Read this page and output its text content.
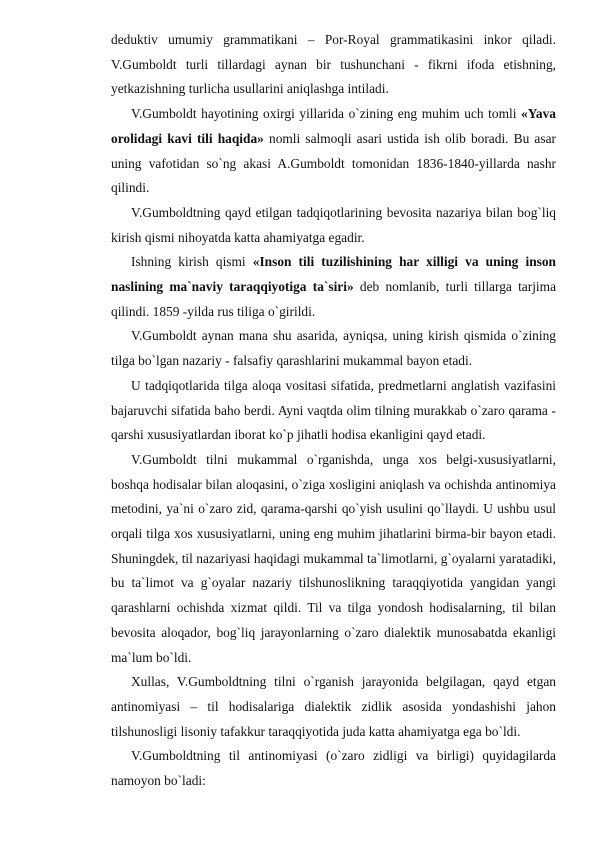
deduktiv umumiy grammatikani – Por-Royal grammatikasini inkor qiladi. V.Gumboldt turli tillardagi aynan bir tushunchani - fikrni ifoda etishning, yetkazishning turlicha usullarini aniqlashga intiladi.

V.Gumboldt hayotining oxirgi yillarida o`zining eng muhim uch tomli «Yava orolidagi kavi tili haqida» nomli salmoqli asari ustida ish olib boradi. Bu asar uning vafotidan so`ng akasi A.Gumboldt tomonidan 1836-1840-yillarda nashr qilindi.

V.Gumboldtning qayd etilgan tadqiqotlarining bevosita nazariya bilan bog`liq kirish qismi nihoyatda katta ahamiyatga egadir.

Ishning kirish qismi «Inson tili tuzilishining har xilligi va uning inson naslining ma`naviy taraqqiyotiga ta`siri» deb nomlanib, turli tillarga tarjima qilindi. 1859 -yilda rus tiliga o`girildi.

V.Gumboldt aynan mana shu asarida, ayniqsa, uning kirish qismida o`zining tilga bo`lgan nazariy - falsafiy qarashlarini mukammal bayon etadi.

U tadqiqotlarida tilga aloqa vositasi sifatida, predmetlarni anglatish vazifasini bajaruvchi sifatida baho berdi. Ayni vaqtda olim tilning murakkab o`zaro qarama - qarshi xususiyatlardan iborat ko`p jihatli hodisa ekanligini qayd etadi.

V.Gumboldt tilni mukammal o`rganishda, unga xos belgi-xususiyatlarni, boshqa hodisalar bilan aloqasini, o`ziga xosligini aniqlash va ochishda antinomiya metodini, ya`ni o`zaro zid, qarama-qarshi qo`yish usulini qo`llaydi. U ushbu usul orqali tilga xos xususiyatlarni, uning eng muhim jihatlarini birma-bir bayon etadi. Shuningdek, til nazariyasi haqidagi mukammal ta`limotlarni, g`oyalarni yaratadiki, bu ta`limot va g`oyalar nazariy tilshunoslikning taraqqiyotida yangidan yangi qarashlarni ochishda xizmat qildi. Til va tilga yondosh hodisalarning, til bilan bevosita aloqador, bog`liq jarayonlarning o`zaro dialektik munosabatda ekanligi ma`lum bo`ldi.

Xullas, V.Gumboldtning tilni o`rganish jarayonida belgilagan, qayd etgan antinomiyasi – til hodisalariga dialektik zidlik asosida yondashishi jahon tilshunosligi lisoniy tafakkur taraqqiyotida juda katta ahamiyatga ega bo`ldi.

V.Gumboldtning til antinomiyasi (o`zaro zidligi va birligi) quyidagilarda namoyon bo`ladi:
